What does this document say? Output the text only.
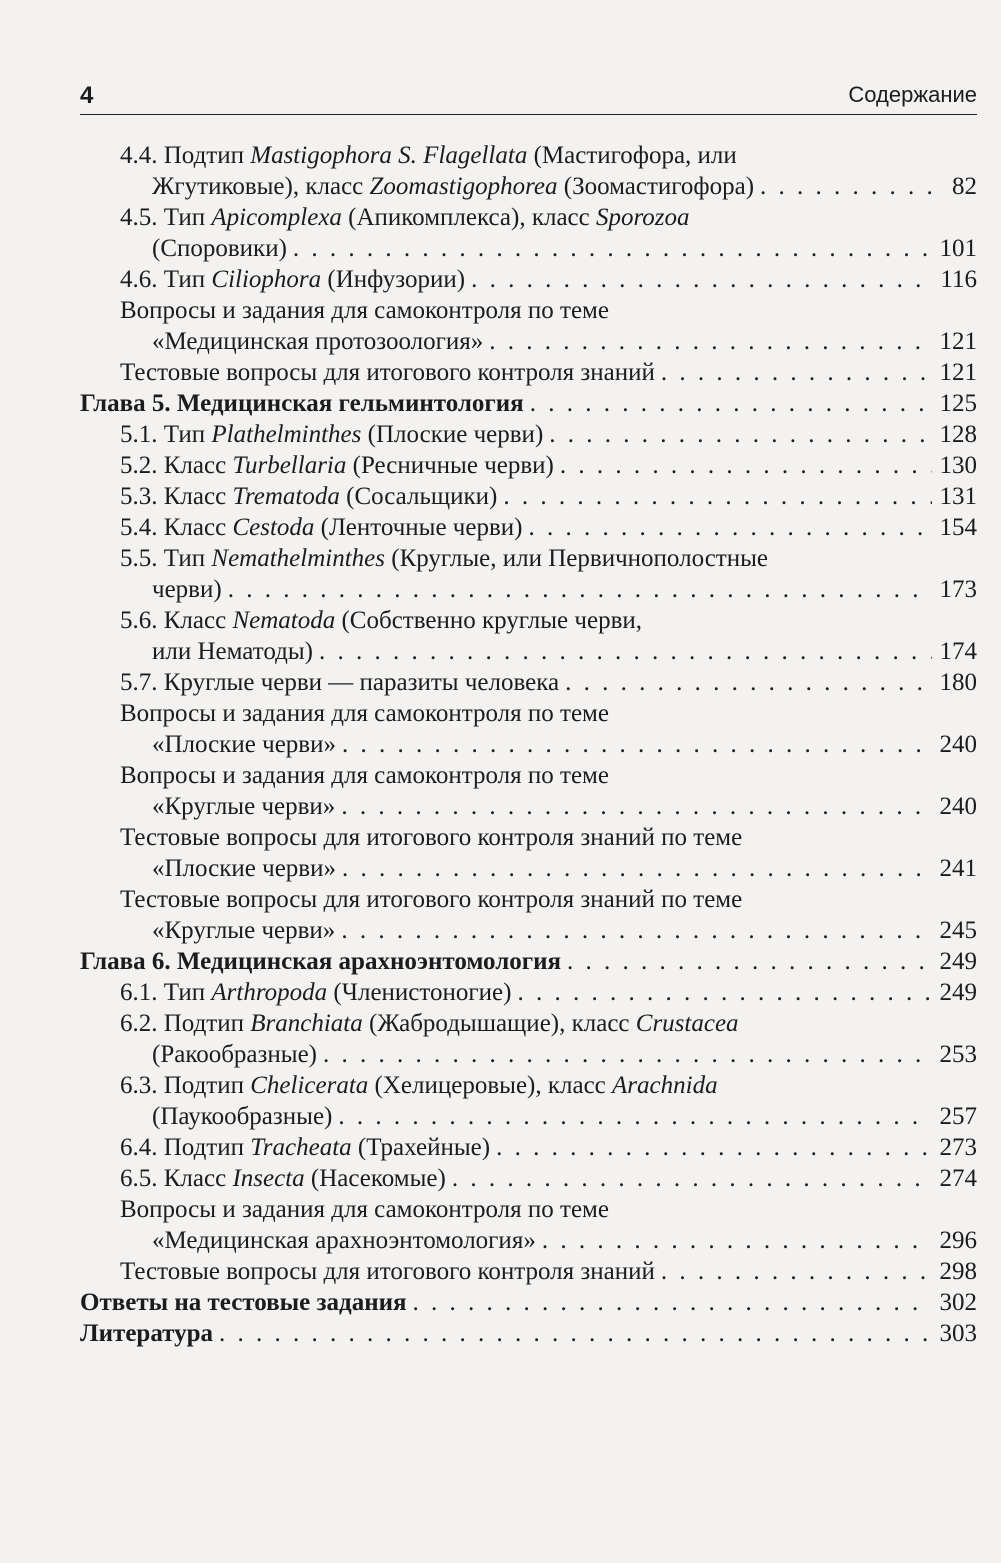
4	Содержание
4.4. Подтип Mastigophora S. Flagellata (Мастигофора, или
Жгутиковые), класс Zoomastigophorea (Зоомастигофора) . . .	82
4.5. Тип Apicomplexa (Апикомплекса), класс Sporozoa
(Споровики) . . .	101
4.6. Тип Ciliophora (Инфузории) . . .	116
Вопросы и задания для самоконтроля по теме
«Медицинская протозоология» . . .	121
Тестовые вопросы для итогового контроля знаний . . .	121
Глава 5. Медицинская гельминтология . . .	125
5.1. Тип Plathelminthes (Плоские черви) . . .	128
5.2. Класс Turbellaria (Ресничные черви) . . .	130
5.3. Класс Trematoda (Сосальщики) . . .	131
5.4. Класс Cestoda (Ленточные черви) . . .	154
5.5. Тип Nemathelminthes (Круглые, или Первичнополостные
черви) . . .	173
5.6. Класс Nematoda (Собственно круглые черви,
или Нематоды) . . .	174
5.7. Круглые черви — паразиты человека . . .	180
Вопросы и задания для самоконтроля по теме
«Плоские черви» . . .	240
Вопросы и задания для самоконтроля по теме
«Круглые черви» . . .	240
Тестовые вопросы для итогового контроля знаний по теме
«Плоские черви» . . .	241
Тестовые вопросы для итогового контроля знаний по теме
«Круглые черви» . . .	245
Глава 6. Медицинская арахноэнтомология . . .	249
6.1. Тип Arthropoda (Членистоногие) . . .	249
6.2. Подтип Branchiata (Жабродышащие), класс Crustacea
(Ракообразные) . . .	253
6.3. Подтип Chelicerata (Хелицеровые), класс Arachnida
(Паукообразные) . . .	257
6.4. Подтип Tracheata (Трахейные) . . .	273
6.5. Класс Insecta (Насекомые) . . .	274
Вопросы и задания для самоконтроля по теме
«Медицинская арахноэнтомология» . . .	296
Тестовые вопросы для итогового контроля знаний . . .	298
Ответы на тестовые задания . . .	302
Литература . . .	303
